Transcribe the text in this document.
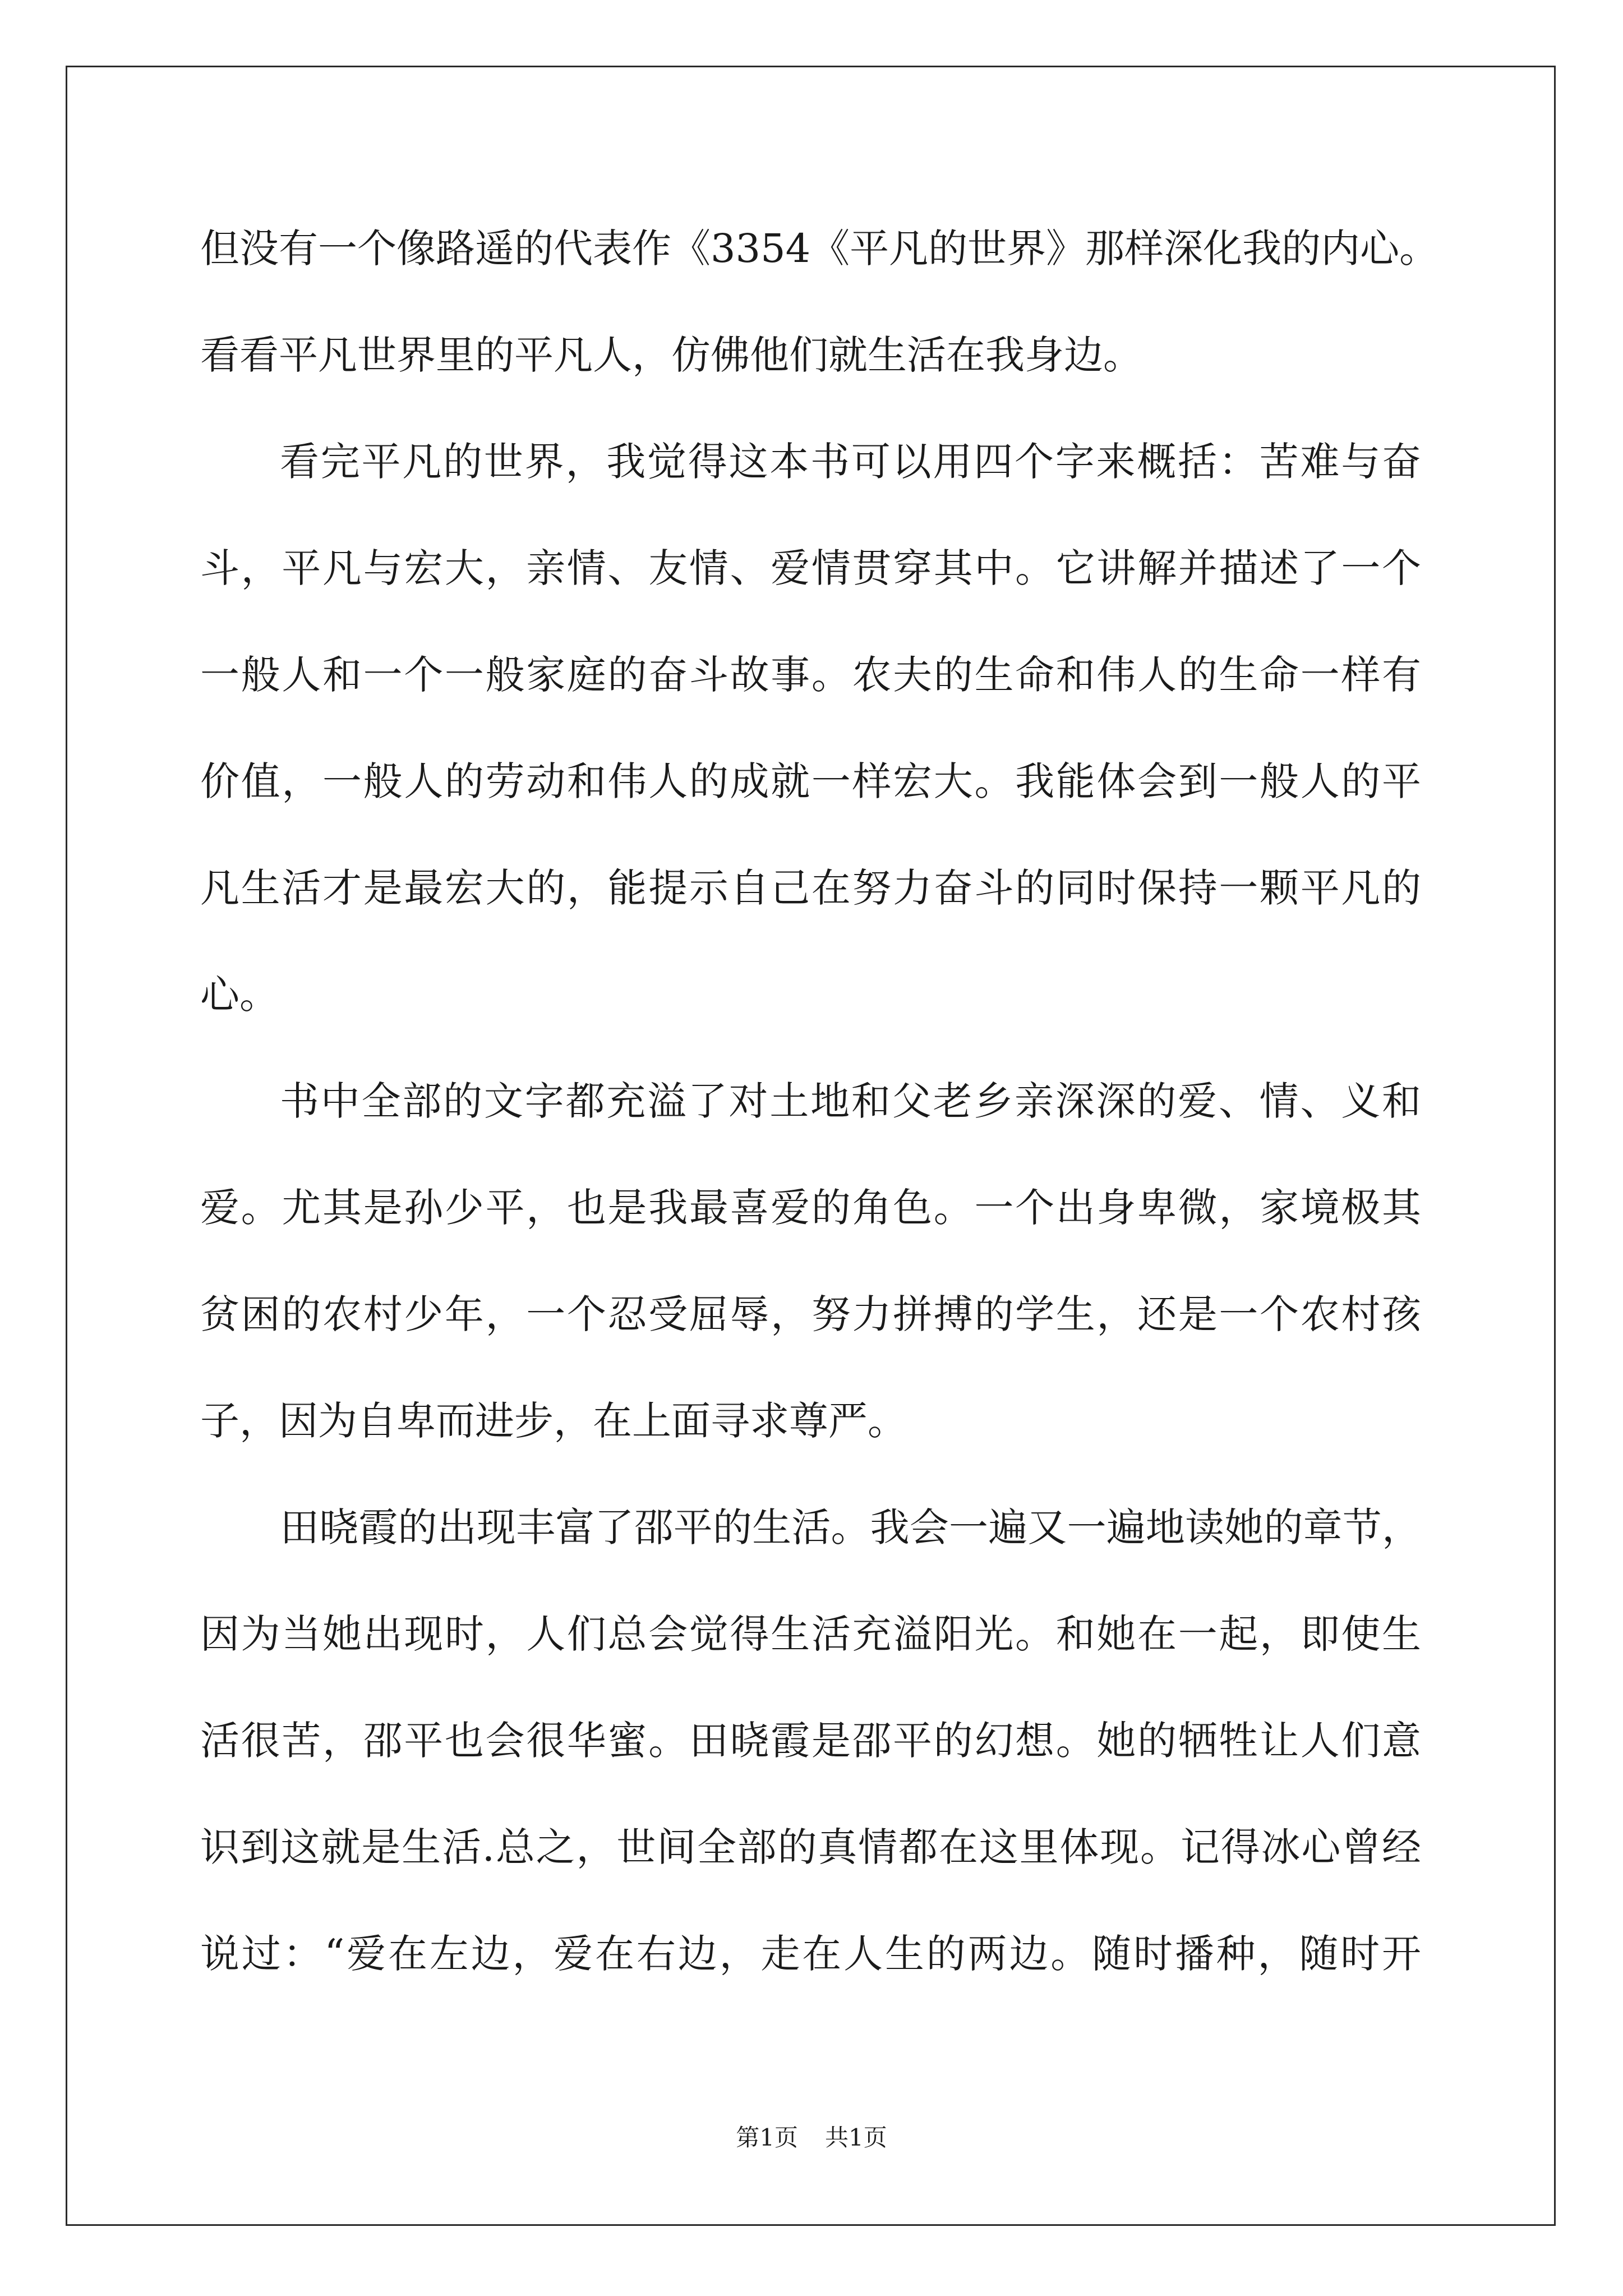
但没有一个像路遥的代表作《3354《平凡的世界》那样深化我的内心。
看看平凡世界里的平凡人，仿佛他们就生活在我身边。
看完平凡的世界，我觉得这本书可以用四个字来概括：苦难与奋
斗，平凡与宏大，亲情、友情、爱情贯穿其中。它讲解并描述了一个
一般人和一个一般家庭的奋斗故事。农夫的生命和伟人的生命一样有
价值，一般人的劳动和伟人的成就一样宏大。我能体会到一般人的平
凡生活才是最宏大的，能提示自己在努力奋斗的同时保持一颗平凡的
心。
书中全部的文字都充溢了对土地和父老乡亲深深的爱、情、义和
爱。尤其是孙少平，也是我最喜爱的角色。一个出身卑微，家境极其
贫困的农村少年，一个忍受屈辱，努力拼搏的学生，还是一个农村孩
子，因为自卑而进步，在上面寻求尊严。
田晓霞的出现丰富了邵平的生活。我会一遍又一遍地读她的章节，
因为当她出现时，人们总会觉得生活充溢阳光。和她在一起，即使生
活很苦，邵平也会很华蜜。田晓霞是邵平的幻想。她的牺牲让人们意
识到这就是生活.总之，世间全部的真情都在这里体现。记得冰心曾经
说过：“爱在左边，爱在右边，走在人生的两边。随时播种，随时开
第1页 共1页
